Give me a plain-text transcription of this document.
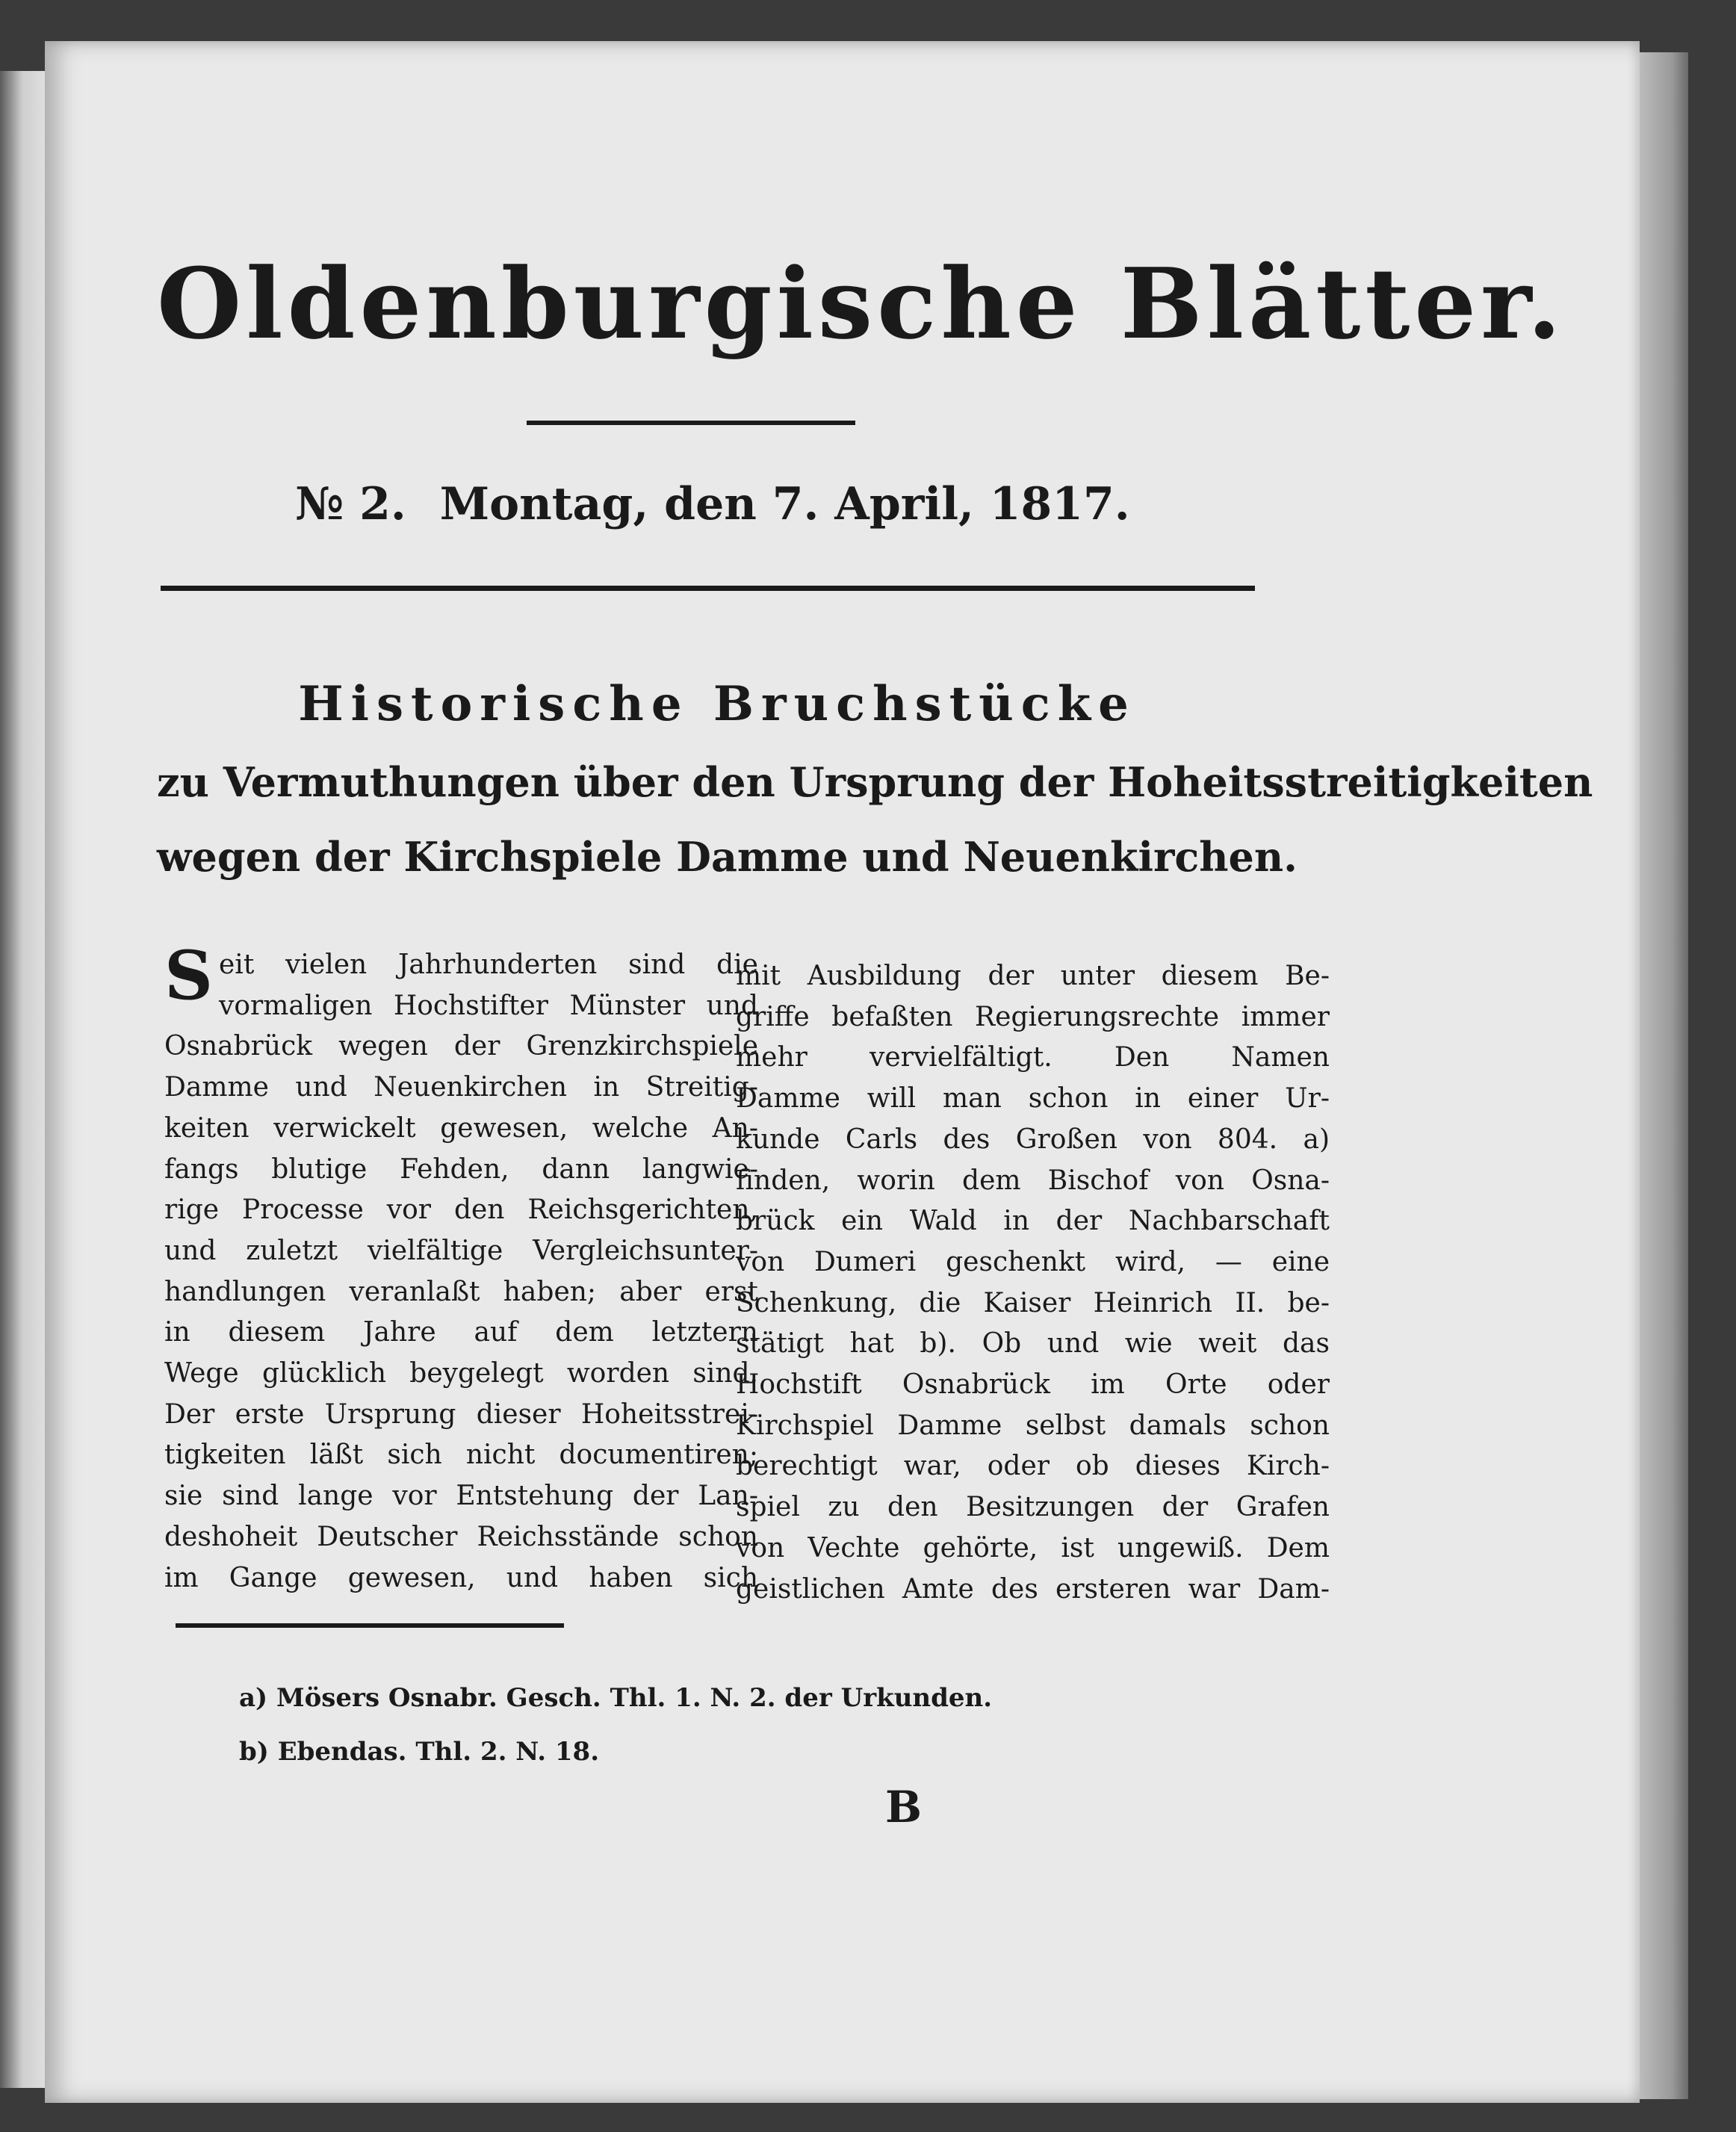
Oldenburgische Blätter.
№ 2. Montag, den 7. April, 1817.
Historische Bruchstücke
zu Vermuthungen über den Ursprung der Hoheitsstreitigkeiten
wegen der Kirchspiele Damme und Neuenkirchen.

Seit vielen Jahrhunderten sind die

vormaligen Hochstifter Münster und

Osnabrück wegen der Grenzkirchspiele

Damme und Neuenkirchen in Streitig-

keiten verwickelt gewesen, welche An-

fangs blutige Fehden, dann langwie-

rige Processe vor den Reichsgerichten,

und zuletzt vielfältige Vergleichsunter-

handlungen veranlaßt haben; aber erst

in diesem Jahre auf dem letztern

Wege glücklich beygelegt worden sind.

Der erste Ursprung dieser Hoheitsstrei-

tigkeiten läßt sich nicht documentiren;

sie sind lange vor Entstehung der Lan-

deshoheit Deutscher Reichsstände schon

im Gange gewesen, und haben sich

mit Ausbildung der unter diesem Be-

griffe befaßten Regierungsrechte immer

mehr vervielfältigt. Den Namen

Damme will man schon in einer Ur-

kunde Carls des Großen von 804. a)

finden, worin dem Bischof von Osna-

brück ein Wald in der Nachbarschaft

von Dumeri geschenkt wird, — eine

Schenkung, die Kaiser Heinrich II. be-

stätigt hat b). Ob und wie weit das

Hochstift Osnabrück im Orte oder

Kirchspiel Damme selbst damals schon

berechtigt war, oder ob dieses Kirch-

spiel zu den Besitzungen der Grafen

von Vechte gehörte, ist ungewiß. Dem

geistlichen Amte des ersteren war Dam-

a) Mösers Osnabr. Gesch. Thl. 1. N. 2. der Urkunden.
b) Ebendas. Thl. 2. N. 18.
B
